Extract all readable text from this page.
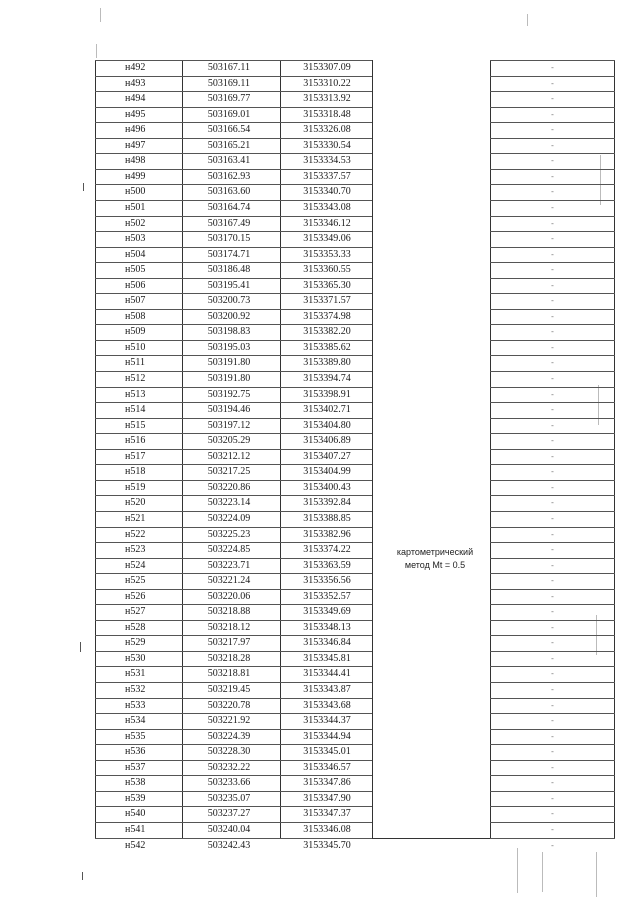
н492	503167.11	3153307.09	-
н493	503169.11	3153310.22	-
н494	503169.77	3153313.92	-
н495	503169.01	3153318.48	-
н496	503166.54	3153326.08	-
н497	503165.21	3153330.54	-
н498	503163.41	3153334.53	-
н499	503162.93	3153337.57	-
н500	503163.60	3153340.70	-
н501	503164.74	3153343.08	-
н502	503167.49	3153346.12	-
н503	503170.15	3153349.06	-
н504	503174.71	3153353.33	-
н505	503186.48	3153360.55	-
н506	503195.41	3153365.30	-
н507	503200.73	3153371.57	-
н508	503200.92	3153374.98	-
н509	503198.83	3153382.20	-
н510	503195.03	3153385.62	-
н511	503191.80	3153389.80	-
н512	503191.80	3153394.74	-
н513	503192.75	3153398.91	-
н514	503194.46	3153402.71	-
н515	503197.12	3153404.80	-
н516	503205.29	3153406.89	-
н517	503212.12	3153407.27	-
н518	503217.25	3153404.99	-
н519	503220.86	3153400.43	-
н520	503223.14	3153392.84	-
н521	503224.09	3153388.85	-
н522	503225.23	3153382.96	-
н523	503224.85	3153374.22	-
н524	503223.71	3153363.59	-
н525	503221.24	3153356.56	-
н526	503220.06	3153352.57	-
н527	503218.88	3153349.69	-
н528	503218.12	3153348.13	-
н529	503217.97	3153346.84	-
н530	503218.28	3153345.81	-
н531	503218.81	3153344.41	-
н532	503219.45	3153343.87	-
н533	503220.78	3153343.68	-
н534	503221.92	3153344.37	-
н535	503224.39	3153344.94	-
н536	503228.30	3153345.01	-
н537	503232.22	3153346.57	-
н538	503233.66	3153347.86	-
н539	503235.07	3153347.90	-
н540	503237.27	3153347.37	-
н541	503240.04	3153346.08	-
н542	503242.43	3153345.70	-
картометрический
метод Mt = 0.5
